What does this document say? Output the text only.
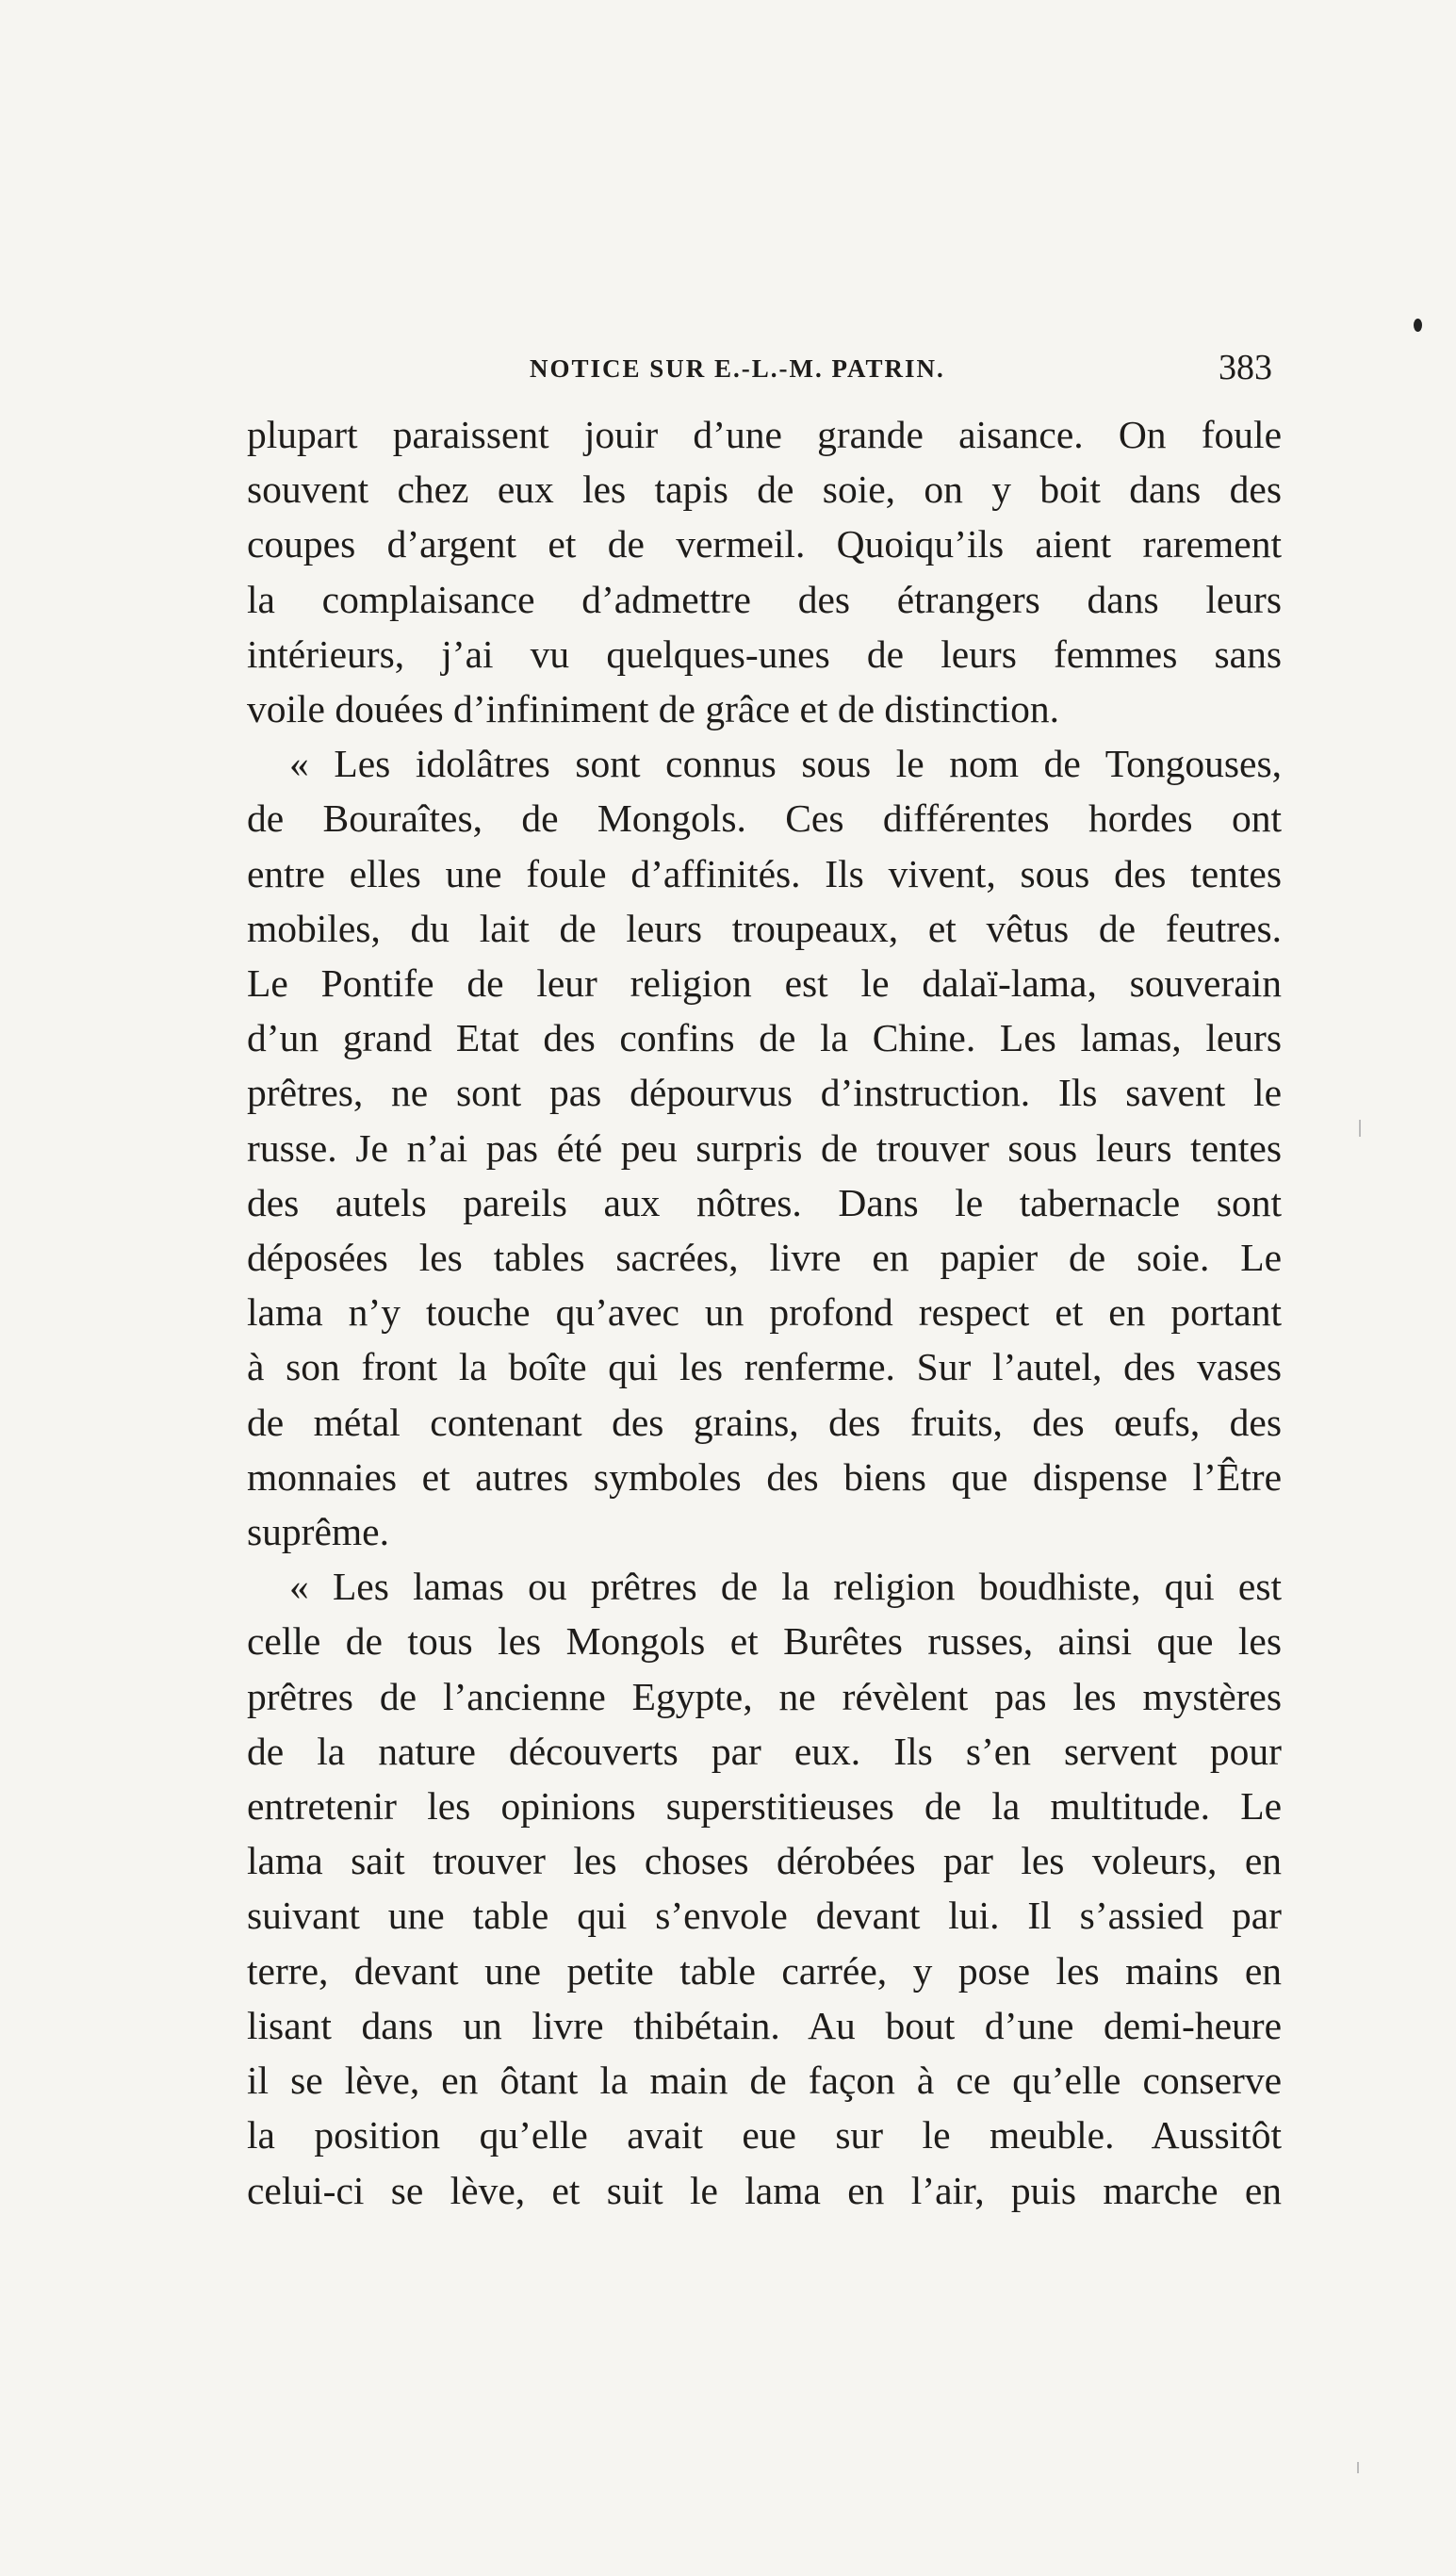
NOTICE SUR E.-L.-M. PATRIN.	383

plupart paraissent jouir d’une grande aisance. On foule
souvent chez eux les tapis de soie, on y boit dans des
coupes d’argent et de vermeil. Quoiqu’ils aient rarement
la complaisance d’admettre des étrangers dans leurs
intérieurs, j’ai vu quelques-unes de leurs femmes sans
voile douées d’infiniment de grâce et de distinction.

« Les idolâtres sont connus sous le nom de Tongouses,
de Bouraîtes, de Mongols. Ces différentes hordes ont
entre elles une foule d’affinités. Ils vivent, sous des tentes
mobiles, du lait de leurs troupeaux, et vêtus de feutres.
Le Pontife de leur religion est le dalaï-lama, souverain
d’un grand Etat des confins de la Chine. Les lamas, leurs
prêtres, ne sont pas dépourvus d’instruction. Ils savent le
russe. Je n’ai pas été peu surpris de trouver sous leurs tentes
des autels pareils aux nôtres. Dans le tabernacle sont
déposées les tables sacrées, livre en papier de soie. Le
lama n’y touche qu’avec un profond respect et en portant
à son front la boîte qui les renferme. Sur l’autel, des vases
de métal contenant des grains, des fruits, des œufs, des
monnaies et autres symboles des biens que dispense l’Être
suprême.

« Les lamas ou prêtres de la religion boudhiste, qui est
celle de tous les Mongols et Burêtes russes, ainsi que les
prêtres de l’ancienne Egypte, ne révèlent pas les mystères
de la nature découverts par eux. Ils s’en servent pour
entretenir les opinions superstitieuses de la multitude. Le
lama sait trouver les choses dérobées par les voleurs, en
suivant une table qui s’envole devant lui. Il s’assied par
terre, devant une petite table carrée, y pose les mains en
lisant dans un livre thibétain. Au bout d’une demi-heure
il se lève, en ôtant la main de façon à ce qu’elle conserve
la position qu’elle avait eue sur le meuble. Aussitôt
celui-ci se lève, et suit le lama en l’air, puis marche en
